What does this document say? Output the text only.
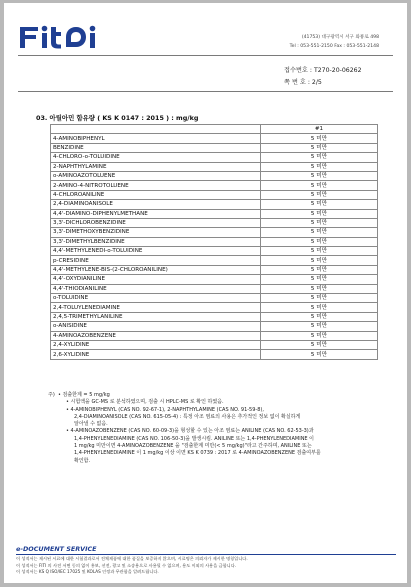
(41753) 대구광역시 서구 와룡로 498
Tel : 053-551-2150 Fax : 053-551-2148
접수번호 : T270-20-06262
쪽 번 호 : 2/5
03. 아릴아민 함유량 ( KS K 0147 : 2015 ) : mg/kg
	#1
4-AMINOBIPHENYL	5 미만
BENZIDINE	5 미만
4-CHLORO-o-TOLUIDINE	5 미만
2-NAPHTHYLAMINE	5 미만
o-AMINOAZOTOLUENE	5 미만
2-AMINO-4-NITROTOLUENE	5 미만
4-CHLOROANILINE	5 미만
2,4-DIAMINOANISOLE	5 미만
4,4'-DIAMINO-DIPHENYLMETHANE	5 미만
3,3'-DICHLOROBENZIDINE	5 미만
3,3'-DIMETHOXYBENZIDINE	5 미만
3,3'-DIMETHYLBENZIDINE	5 미만
4,4'-METHYLENEDI-o-TOLUIDINE	5 미만
p-CRESIDINE	5 미만
4,4'-METHYLENE-BIS-(2-CHLOROANILINE)	5 미만
4,4'-OXYDIANILINE	5 미만
4,4'-THIODIANILINE	5 미만
o-TOLUIDINE	5 미만
2,4-TOLUYLENEDIAMINE	5 미만
2,4,5-TRIMETHYLANILINE	5 미만
o-ANISIDINE	5 미만
4-AMINOAZOBENZENE	5 미만
2,4-XYLIDINE	5 미만
2,6-XYLIDINE	5 미만
주) • 검출한계 = 5 mg/kg
• 시험액을 GC-MS 로 분석하였으며, 검출 시 HPLC-MS 로 확인 하였음.
• 4-AMINOBIPHENYL (CAS NO. 92-67-1), 2-NAPHTHYLAMINE (CAS NO. 91-59-8),
2,4-DIAMINOANISOLE (CAS NO. 615-05-4) : 특정 아조 염료의 사용은 추가적인 정보 없이 확실하게
알아낼 수 없음.
• 4-AMINOAZOBENZENE (CAS NO. 60-09-3)을 형성할 수 있는 아조 염료는 ANILINE (CAS NO. 62-53-3)과
1,4-PHENYLENEDIAMINE (CAS NO. 106-50-3)을 발생시킴. ANILINE 또는 1,4-PHENYLENEDIAMINE 이
1 mg/kg 미만이면 4-AMINOAZOBENZENE 을 "검출한계 미만(< 5 mg/kg)"라고 간주하며, ANILINE 또는
1,4-PHENYLENEDIAMINE 이 1 mg/kg 이상 이면 KS K 0739 : 2017 로 4-AMINOAZOBENZENE 검출여부를
확인함.
e-DOCUMENT SERVICE
이 성적서는 제시된 시료에 대한 시험결과로서 전체제품에 대한 품질을 보증하지 않으며, 시료명은 의뢰자가 제시한 명칭입니다.
이 성적서는 FITI 의 사전 서면 동의 없이 홍보, 선전, 광고 및 소송용으로 사용될 수 없으며, 용도 이외의 사용을 금합니다.
이 성적서는 KS Q ISO/IEC 17025 및 KOLAS 인정과 무관함을 알려드립니다.
